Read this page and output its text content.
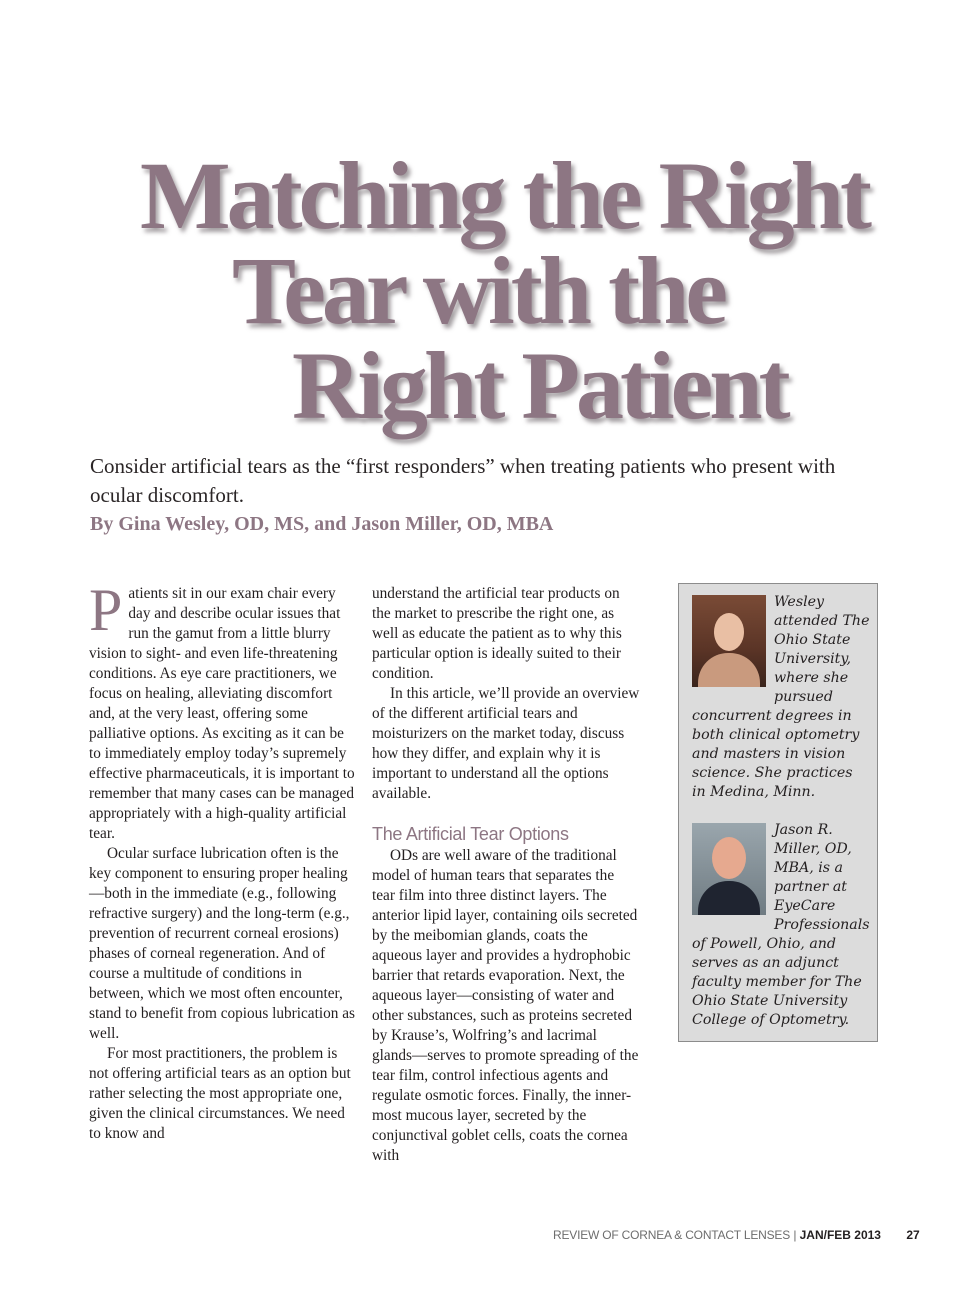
Matching the Right
Tear with the
Right Patient
Consider artificial tears as the “first responders” when treating patients who present with ocular discomfort.
By Gina Wesley, OD, MS, and Jason Miller, OD, MBA

Patients sit in our exam chair every day and describe ocular issues that run the gamut from a little blurry vision to sight- and even life-threatening conditions. As eye care practitioners, we focus on healing, alleviating discomfort and, at the very least, offering some palliative options. As exciting as it can be to immediately employ today’s supremely effective pharmaceuticals, it is important to remember that many cases can be managed appropriately with a high-quality artificial tear.

Ocular surface lubrication often is the key component to ensuring proper healing—both in the immediate (e.g., following refractive surgery) and the long-term (e.g., prevention of recurrent corneal erosions) phases of corneal regeneration. And of course a multitude of conditions in between, which we most often encounter, stand to benefit from copious lubrication as well.

For most practitioners, the problem is not offering artificial tears as an option but rather selecting the most appropriate one, given the clinical circumstances. We need to know and

understand the artificial tear products on the market to prescribe the right one, as well as educate the patient as to why this particular option is ideally suited to their condition.

In this article, we’ll provide an overview of the different artificial tears and moisturizers on the market today, discuss how they differ, and explain why it is important to understand all the options available.

The Artificial Tear Options

ODs are well aware of the traditional model of human tears that separates the tear film into three distinct layers. The anterior lipid layer, containing oils secreted by the meibomian glands, coats the aqueous layer and provides a hydrophobic barrier that retards evaporation. Next, the aqueous layer—consisting of water and other substances, such as proteins secreted by Krause’s, Wolfring’s and lacrimal glands—serves to promote spreading of the tear film, control infectious agents and regulate osmotic forces. Finally, the inner-most mucous layer, secreted by the conjunctival goblet cells, coats the cornea with

Wesley attended The Ohio State University, where she pursued concurrent degrees in both clinical optometry and masters in vision science. She practices in Medina, Minn.
Jason R. Miller, OD, MBA, is a partner at EyeCare Professionals of Powell, Ohio, and serves as an adjunct faculty member for The Ohio State University College of Optometry.
REVIEW OF CORNEA & CONTACT LENSES | JAN/FEB 2013 27
